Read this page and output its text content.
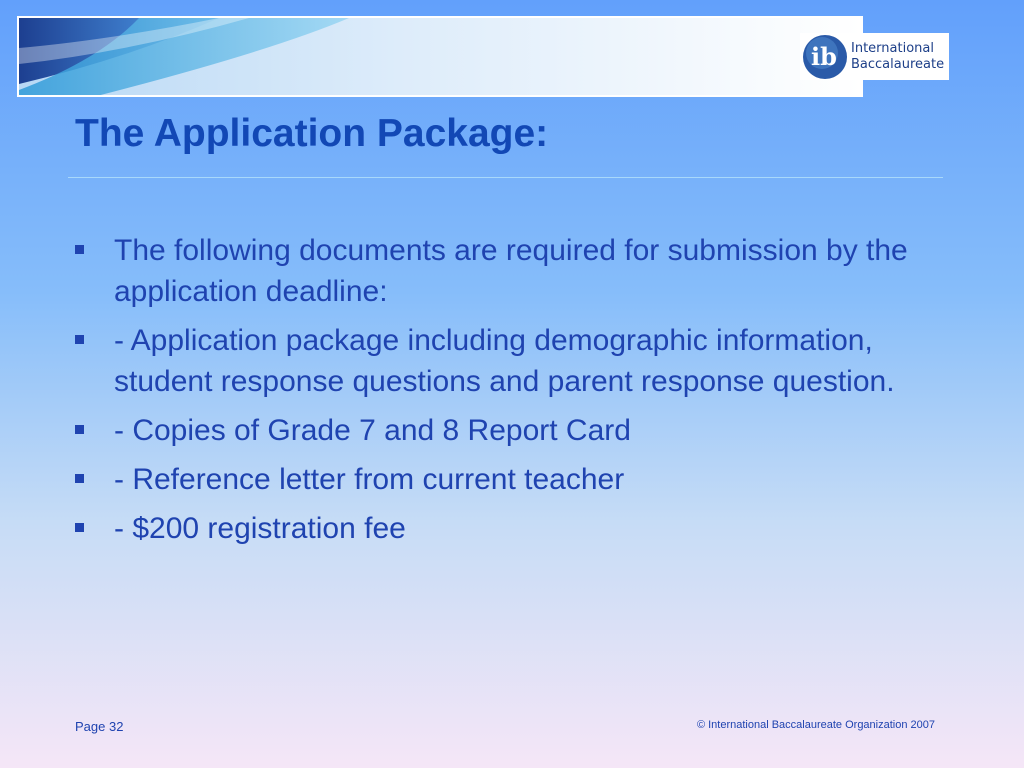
ib International
Baccalaureate
The Application Package:
The following documents are required for submission by the application deadline:
- Application package including demographic information, student response questions and parent response question.
- Copies of Grade 7 and 8 Report Card
- Reference letter from current teacher
- $200 registration fee
Page 32	© International Baccalaureate Organization 2007
